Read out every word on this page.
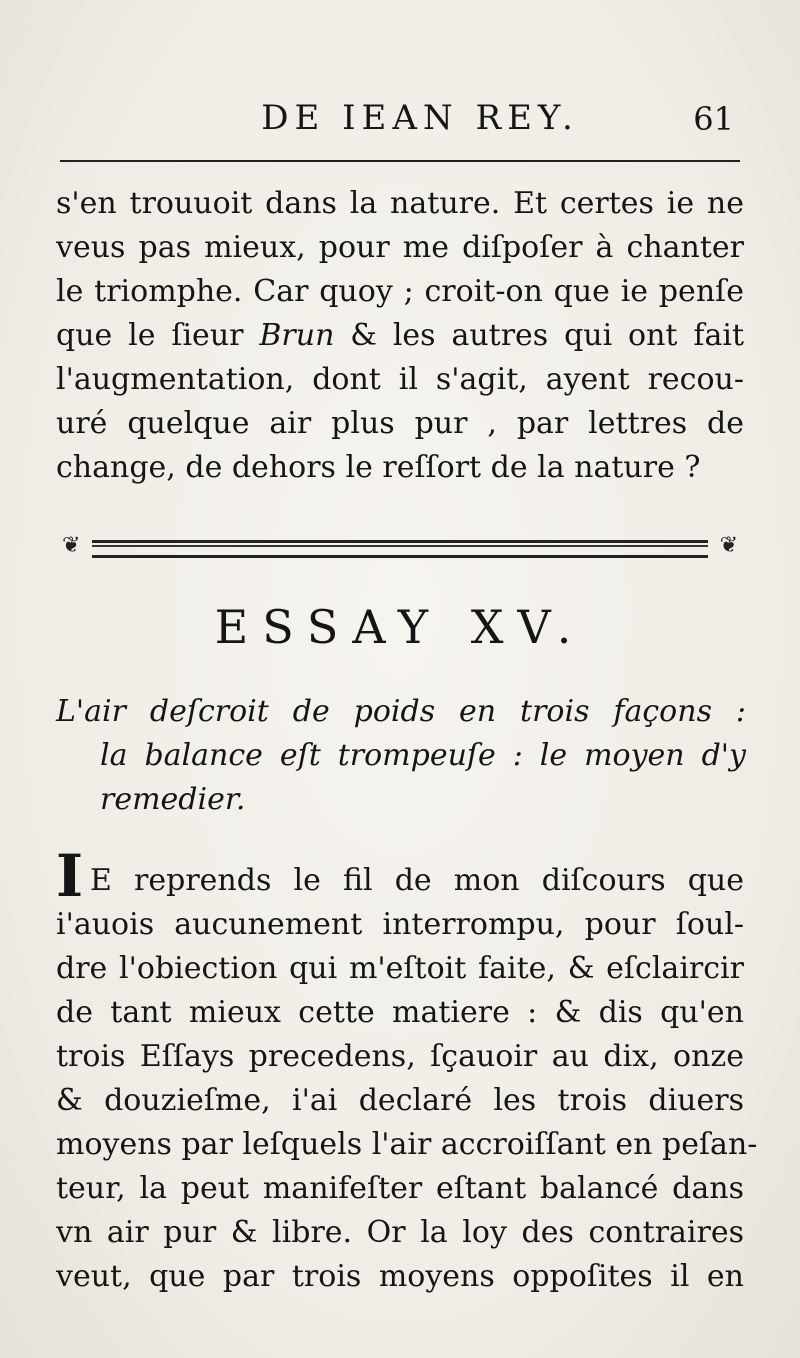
DE IEAN REY.	61
s'en trouuoit dans la nature. Et certes ie ne
veus pas mieux, pour me diſpoſer à chanter
le triomphe. Car quoy ; croit-on que ie penſe
que le ſieur Brun & les autres qui ont fait
l'augmentation, dont il s'agit, ayent recou-
uré quelque air plus pur , par lettres de
change, de dehors le reſſort de la nature ?
❦	❦
ESSAY XV.
L'air deſcroit de poids en trois façons :
la balance eſt trompeuſe : le moyen d'y
remedier.
I E reprends le fil de mon diſcours que
i'auois aucunement interrompu, pour ſoul-
dre l'obiection qui m'eſtoit faite, & eſclaircir
de tant mieux cette matiere : & dis qu'en
trois Eſſays precedens, ſçauoir au dix, onze
& douzieſme, i'ai declaré les trois diuers
moyens par leſquels l'air accroiſſant en peſan-
teur, la peut manifeſter eſtant balancé dans
vn air pur & libre. Or la loy des contraires
veut, que par trois moyens oppoſites il en
